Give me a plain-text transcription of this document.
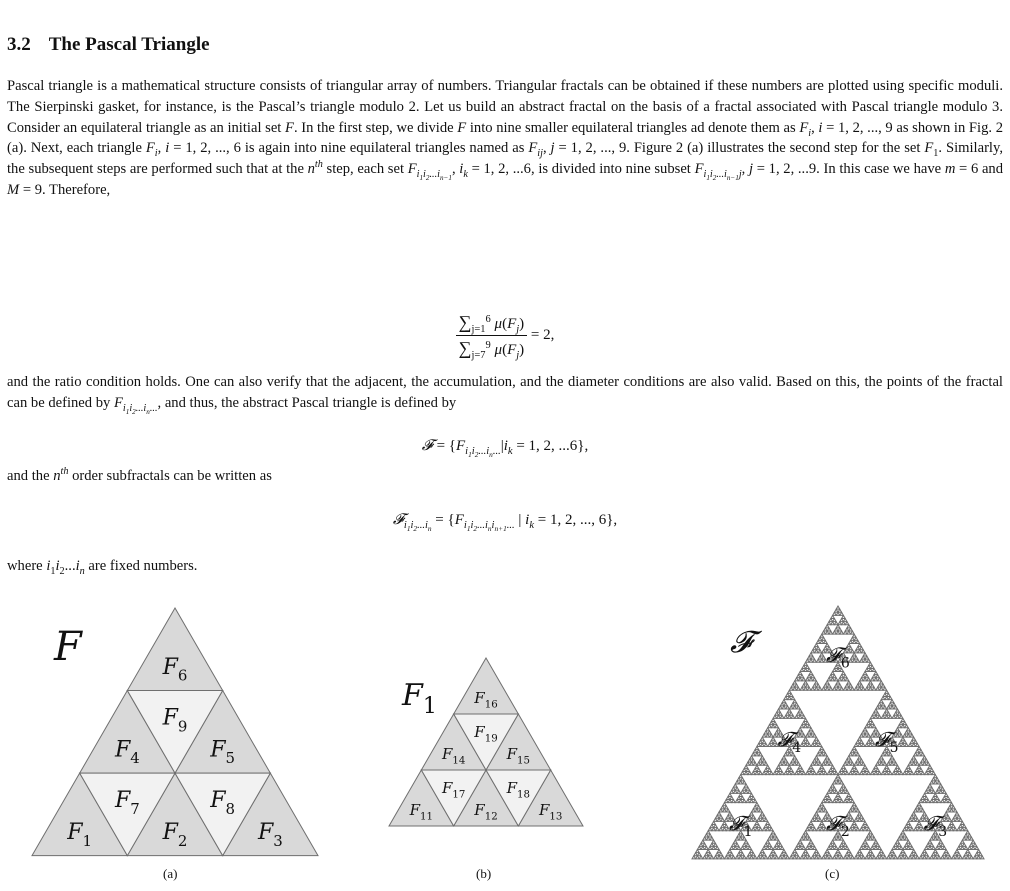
3.2 The Pascal Triangle
Pascal triangle is a mathematical structure consists of triangular array of numbers. Triangular fractals can be obtained if these numbers are plotted using specific moduli. The Sierpinski gasket, for instance, is the Pascal’s triangle modulo 2. Let us build an abstract fractal on the basis of a fractal associated with Pascal triangle modulo 3. Consider an equilateral triangle as an initial set F. In the first step, we divide F into nine smaller equilateral triangles ad denote them as $F_i$, i = 1, 2, ..., 9 as shown in Fig. 2 (a). Next, each triangle $F_i$, i = 1, 2, ..., 6 is again into nine equilateral triangles named as $F_{ij}$, j = 1, 2, ..., 9. Figure 2 (a) illustrates the second step for the set $F_1$. Similarly, the subsequent steps are performed such that at the $n^{th}$ step, each set $F_{i_1i_2...i_{n-1}}$, $i_k = 1$, 2, ...6, is divided into nine subset $F_{i_1i_2...i_{n-1}j}$, j = 1, 2, ...9. In this case we have m = 6 and M = 9. Therefore,
$\frac{\sum_{j=1}^6 \mu(F_j)}{\sum_{j=7}^9 \mu(F_j)} = 2$,
and the ratio condition holds. One can also verify that the adjacent, the accumulation, and the diameter conditions are also valid. Based on this, the points of the fractal can be defined by $F_{i_1i_2...i_n...}$, and thus, the abstract Pascal triangle is defined by
𝓕 = {$F_{i_1i_2...i_n...}|i_k = 1$, 2, ...6},
and the $n^{th}$ order subfractals can be written as
𝓕$_{i_1i_2...i_n}$ = {$F_{i_1i_2...i_ni_{n+1}...}$ | $i_k = 1$, 2, ..., 6},
where $i_1i_2...i_n$ are fixed numbers.
$F_1$	$F_2$	$F_3$
$F_4$	$F_5$
$F_6$
$F_7$	$F_8$
$F_9$
F
(a)
$F_{11}$	$F_{12}$	$F_{13}$
$F_{14}$	$F_{15}$
$F_{16}$
$F_{17}$	$F_{18}$
$F_{19}$
$F_1$
(b)
𝓕
𝓕$_1$	𝓕$_2$	𝓕$_3$
𝓕$_4$	𝓕$_5$
𝓕$_6$
(c)
